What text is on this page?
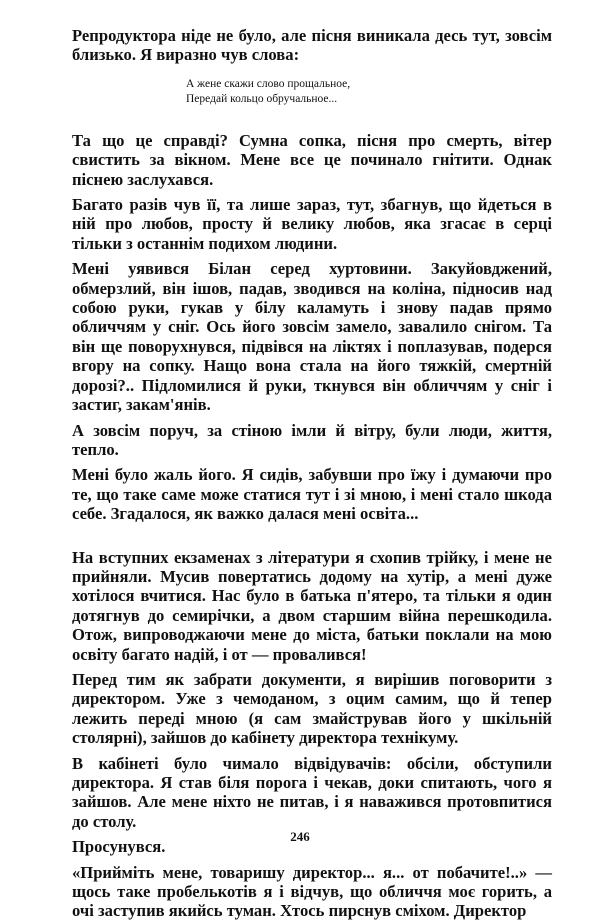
Репродуктора ніде не було, але пісня виникала десь тут, зовсім близько. Я виразно чув слова:

А жене скажи слово прощальное,
Передай кольцо обручальное...

Та що це справді? Сумна сопка, пісня про смерть, вітер свистить за вікном. Мене все це починало гнітити. Однак піснею заслухався.

Багато разів чув її, та лише зараз, тут, збагнув, що йдеться в ній про любов, просту й велику любов, яка згасає в серці тільки з останнім подихом людини.

Мені уявився Білан серед хуртовини. Закуйовджений, обмерзлий, він ішов, падав, зводився на коліна, підносив над собою руки, гукав у білу каламуть і знову падав прямо обличчям у сніг. Ось його зовсім замело, завалило снігом. Та він ще поворухнувся, підвівся на ліктях і поплазував, подерся вгору на сопку. Нащо вона стала на його тяжкій, смертній дорозі?.. Підломилися й руки, ткнувся він обличчям у сніг і застиг, закам'янів.

А зовсім поруч, за стіною імли й вітру, були люди, життя, тепло.

Мені було жаль його. Я сидів, забувши про їжу і думаючи про те, що таке саме може статися тут і зі мною, і мені стало шкода себе. Згадалося, як важко далася мені освіта...

На вступних екзаменах з літератури я схопив трійку, і мене не прийняли. Мусив повертатись додому на хутір, а мені дуже хотілося вчитися. Нас було в батька п'ятеро, та тільки я один дотягнув до семирічки, а двом старшим війна перешкодила. Отож, випроводжаючи мене до міста, батьки поклали на мою освіту багато надій, і от — провалився!

Перед тим як забрати документи, я вирішив поговорити з директором. Уже з чемоданом, з оцим самим, що й тепер лежить переді мною (я сам змайстрував його у шкільній столярні), зайшов до кабінету директора технікуму.

В кабінеті було чимало відвідувачів: обсіли, обступили директора. Я став біля порога і чекав, доки спитають, чого я зайшов. Але мене ніхто не питав, і я наважився протовпитися до столу.

Просунувся.

«Прийміть мене, товаришу директор... я... от побачите!..» — щось таке пробелькотів я і відчув, що обличчя моє горить, а очі заступив якийсь туман. Хтось пирснув сміхом. Директор

246
